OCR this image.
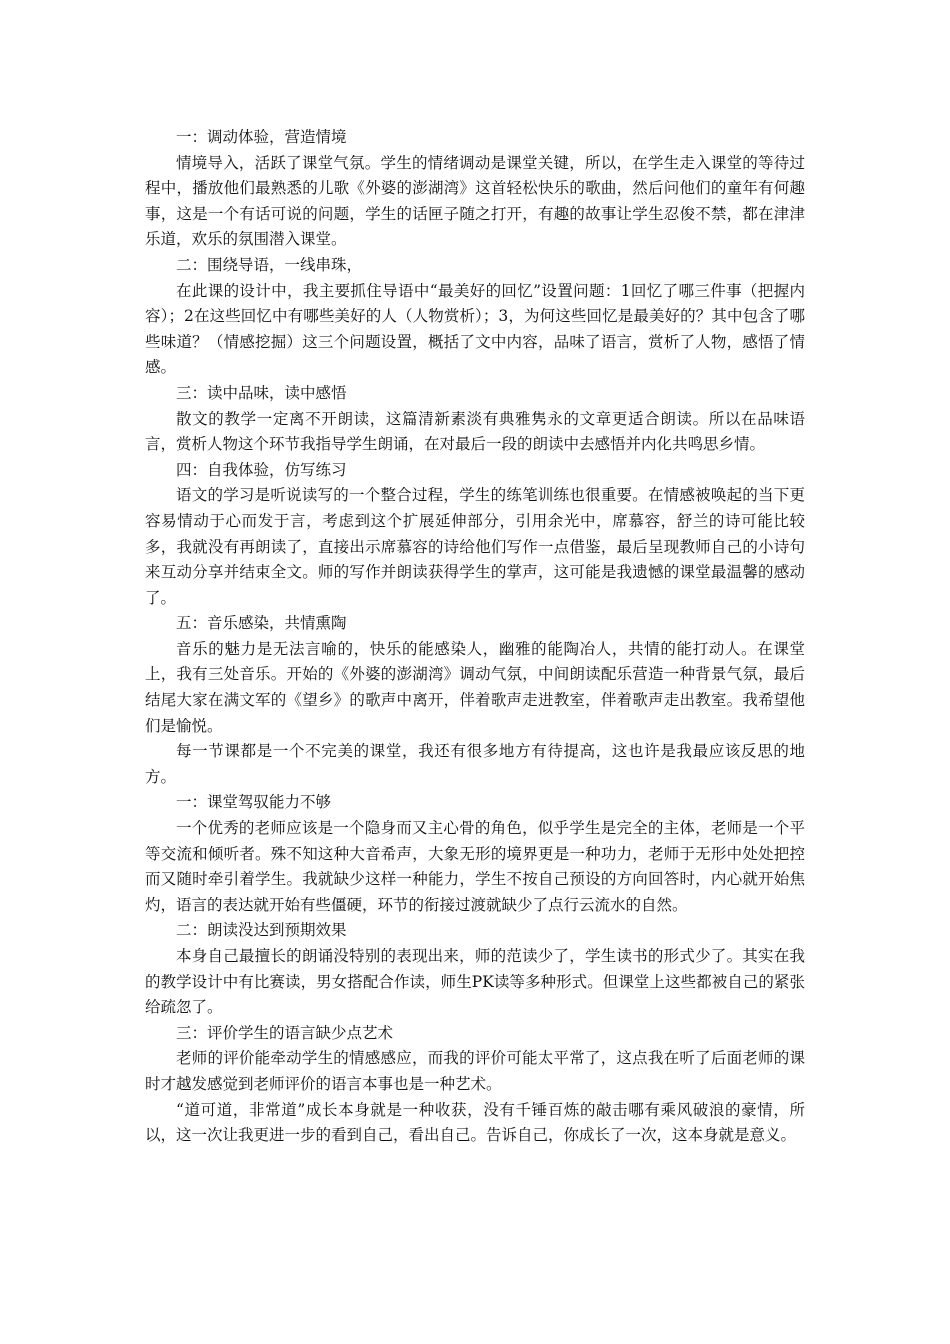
一：调动体验，营造情境

情境导入，活跃了课堂气氛。学生的情绪调动是课堂关键，所以，在学生走入课堂的等待过程中，播放他们最熟悉的儿歌《外婆的澎湖湾》这首轻松快乐的歌曲，然后问他们的童年有何趣事，这是一个有话可说的问题，学生的话匣子随之打开，有趣的故事让学生忍俊不禁，都在津津乐道，欢乐的氛围潜入课堂。

二：围绕导语，一线串珠，

在此课的设计中，我主要抓住导语中“最美好的回忆”设置问题：1回忆了哪三件事（把握内容）；2在这些回忆中有哪些美好的人（人物赏析）；3，为何这些回忆是最美好的？其中包含了哪些味道？（情感挖掘）这三个问题设置，概括了文中内容，品味了语言，赏析了人物，感悟了情感。

三：读中品味，读中感悟

散文的教学一定离不开朗读，这篇清新素淡有典雅隽永的文章更适合朗读。所以在品味语言，赏析人物这个环节我指导学生朗诵，在对最后一段的朗读中去感悟并内化共鸣思乡情。

四：自我体验，仿写练习

语文的学习是听说读写的一个整合过程，学生的练笔训练也很重要。在情感被唤起的当下更容易情动于心而发于言，考虑到这个扩展延伸部分，引用余光中，席慕容，舒兰的诗可能比较多，我就没有再朗读了，直接出示席慕容的诗给他们写作一点借鉴，最后呈现教师自己的小诗句来互动分享并结束全文。师的写作并朗读获得学生的掌声，这可能是我遗憾的课堂最温馨的感动了。

五：音乐感染，共情熏陶

音乐的魅力是无法言喻的，快乐的能感染人，幽雅的能陶冶人，共情的能打动人。在课堂上，我有三处音乐。开始的《外婆的澎湖湾》调动气氛，中间朗读配乐营造一种背景气氛，最后结尾大家在满文军的《望乡》的歌声中离开，伴着歌声走进教室，伴着歌声走出教室。我希望他们是愉悦。

每一节课都是一个不完美的课堂，我还有很多地方有待提高，这也许是我最应该反思的地方。

一：课堂驾驭能力不够

一个优秀的老师应该是一个隐身而又主心骨的角色，似乎学生是完全的主体，老师是一个平等交流和倾听者。殊不知这种大音希声，大象无形的境界更是一种功力，老师于无形中处处把控而又随时牵引着学生。我就缺少这样一种能力，学生不按自己预设的方向回答时，内心就开始焦灼，语言的表达就开始有些僵硬，环节的衔接过渡就缺少了点行云流水的自然。

二：朗读没达到预期效果

本身自己最擅长的朗诵没特别的表现出来，师的范读少了，学生读书的形式少了。其实在我的教学设计中有比赛读，男女搭配合作读，师生PK读等多种形式。但课堂上这些都被自己的紧张给疏忽了。

三：评价学生的语言缺少点艺术

老师的评价能牵动学生的情感感应，而我的评价可能太平常了，这点我在听了后面老师的课时才越发感觉到老师评价的语言本事也是一种艺术。

“道可道，非常道”成长本身就是一种收获，没有千锤百炼的敲击哪有乘风破浪的豪情，所以，这一次让我更进一步的看到自己，看出自己。告诉自己，你成长了一次，这本身就是意义。
